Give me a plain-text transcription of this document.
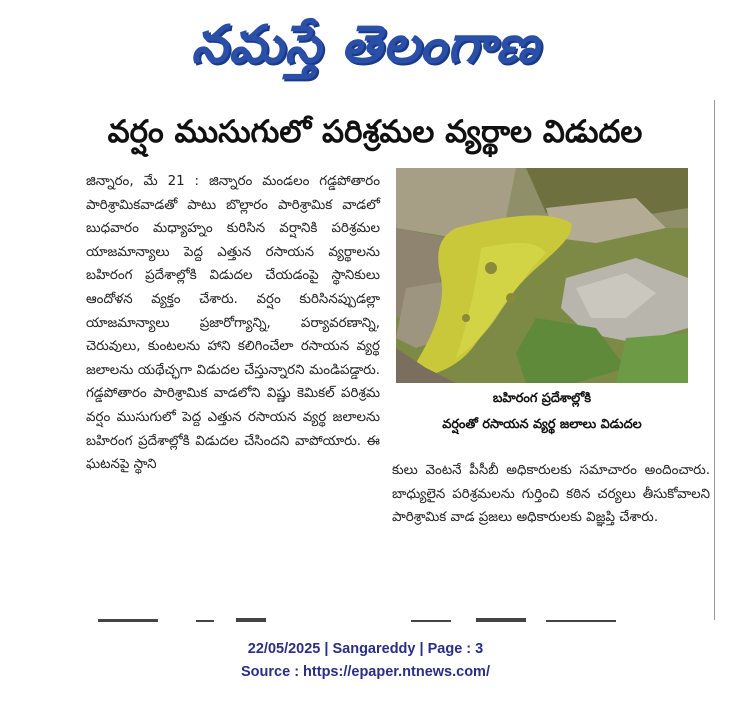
నమస్తే తెలంగాణ
వర్షం ముసుగులో పరిశ్రమల వ్యర్థాల విడుదల

జిన్నారం, మే 21 : జిన్నారం మండలం గడ్డపోతారం పారిశ్రామికవాడతో పాటు బొల్లారం పారిశ్రామిక వాడలో బుధవారం మధ్యాహ్నం కురిసిన వర్షానికి పరిశ్రమల యాజమాన్యాలు పెద్ద ఎత్తున రసాయన వ్యర్థాలను బహిరంగ ప్రదేశాల్లోకి విడుదల చేయడంపై స్థానికులు ఆందోళన వ్యక్తం చేశారు. వర్షం కురిసినప్పుడల్లా యాజమాన్యాలు ప్రజారోగ్యాన్ని, పర్యావరణాన్ని, చెరువులు, కుంటలను హాని కలిగించేలా రసాయన వ్యర్థ జలాలను యథేచ్ఛగా విడుదల చేస్తున్నారని మండిపడ్డారు. గడ్డపోతారం పారిశ్రామిక వాడలోని విష్ణు కెమికల్ పరిశ్రమ వర్షం ముసుగులో పెద్ద ఎత్తున రసాయన వ్యర్థ జలాలను బహిరంగ ప్రదేశాల్లోకి విడుదల చేసిందని వాపోయారు. ఈ ఘటనపై స్థాని

బహిరంగ ప్రదేశాల్లోకి
వర్షంతో రసాయన వ్యర్థ జలాలు విడుదల

కులు వెంటనే పీసీబీ అధికారులకు సమాచారం అందించారు. బాధ్యులైన పరిశ్రమలను గుర్తించి కఠిన చర్యలు తీసుకోవాలని పారిశ్రామిక వాడ ప్రజలు అధికారులకు విజ్ఞప్తి చేశారు.

22/05/2025 | Sangareddy | Page : 3
Source : https://epaper.ntnews.com/
